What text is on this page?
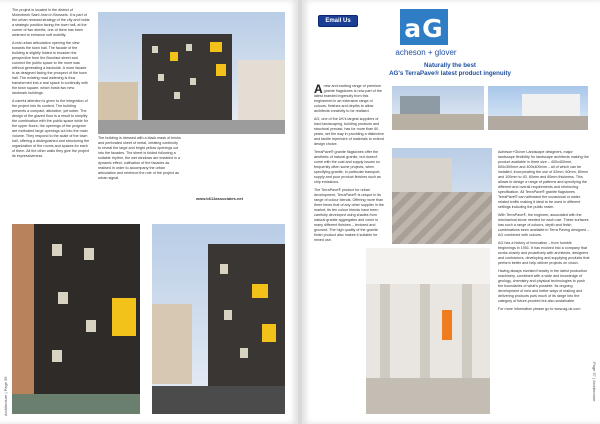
The project is located in the district of Molenbeek Saint Jean in Brussels. It is part of the urban renewal strategy of the city and holds a strategic position facing the town hall, at the corner of two streets, one of them has been widened to enhance soft mobility.

A real urban articulation opening the view towards the town hall. The facade of the building is slightly folded to broaden the perspective from the Brunfaut street and connect the public space to the more was without generating a backside. A more facade is as designed facing the prospect of the town hall. The existing road widening is thus transformed into a real space in continuity with the town square, which hosts two new landmark buildings.

A careful attention is given to the integration of the project into its context. The building presents a compact, attractive, yet sober. The design of the glazed floor is a result to simplify the combination with the public space while for the upper floors, the openings of the program are motivated large openings cut into the main volume. They respond to the scale of the town hall, offering a distinguished and structuring the organization of the rooms and spaces for each of them. All the other walls they give the project its expressiveness.

The building is dressed with a black mask of bricks and perforated sheet of metal, creating continuity to reveal the large and bright yellow openings cut into the facades. The sheet is folded following a suitable rhythm, the wet windows are installed in a dynamic effect, cultivation of the facades as realised in order to accompany the urban articulation and reinforce the role of the project as urban signal.

www.b612associates.net
Architecture | Page 56
Email Us aG
acheson + glover
Naturally the best
AG's TerraPave® latest product ingenuity

Anew and exciting range of premium granite flagstones is now part of the latest branded ingenuity from this engineered in an extensive range of colours, finishes and depths to allow architects creativity to be realised.

AG, one of the UK's largest suppliers of hard landscaping, building products and structural precast, has for more than 60 years, set the way in providing a distinctive and tactile repertoire of materials to extend design choice.

TerraPave® granite flagstones offer the aesthetic of natural granite, but doesn't come with the cost and supply issues so frequently often some projects, when specifying granite, in particular transport, supply and poor product finishes such as chip emissions.

The TerraPave® product for urban development, TerraPave® is unique in its range of colour blends. Offering more than three times that of any other supplier in the market, its ten colour blends have been carefully developed using shades from natural granite aggregates and come in many different finishes – textured and grooved. The high quality of the granite finish product also makes it suitable for mixed use.

Acheson+Glover Landscape designers, major landscape flexibility for landscape architects making the product available in three size – 400x400mm, 600x300mm and 400x400mm – all of which can be installed, incorporating the use of 42mm, 60mm, 80mm and 100mm to 40, 60mm and 80mm thickness. This allows to design a range of patterns and specifying the different and overall requirements and reinforcing specification. All TerraPave® granite flagstones TerraPave® can withstand the occasional or water-related traffic making it ideal to be used in different settings including the public realm.

With TerraPave®, the engineer, associated with the mechanical stone needed for each use. These surfaces has such a range of colours, depth and finish combinations been available in Terra Paving designed – AG combined with colours.

AG has a history of innovation – from humble beginnings in 1951. It has evolved into a company that works closely and proactively with architects, designers and contractors, developing and supplying products that perform better and help deliver projects on vision.

Having always invested heavily in the latest production machinery, combined with a wide and knowledge of geology, chemistry and physical technologies to push the boundaries of what's possible. Its ongoing development of new and better ways of making and delivering products puts much of its range into the category of future-proofed but also sustainable.

For more information please go to www.ag-uk.com

Page 57 | Architecture
